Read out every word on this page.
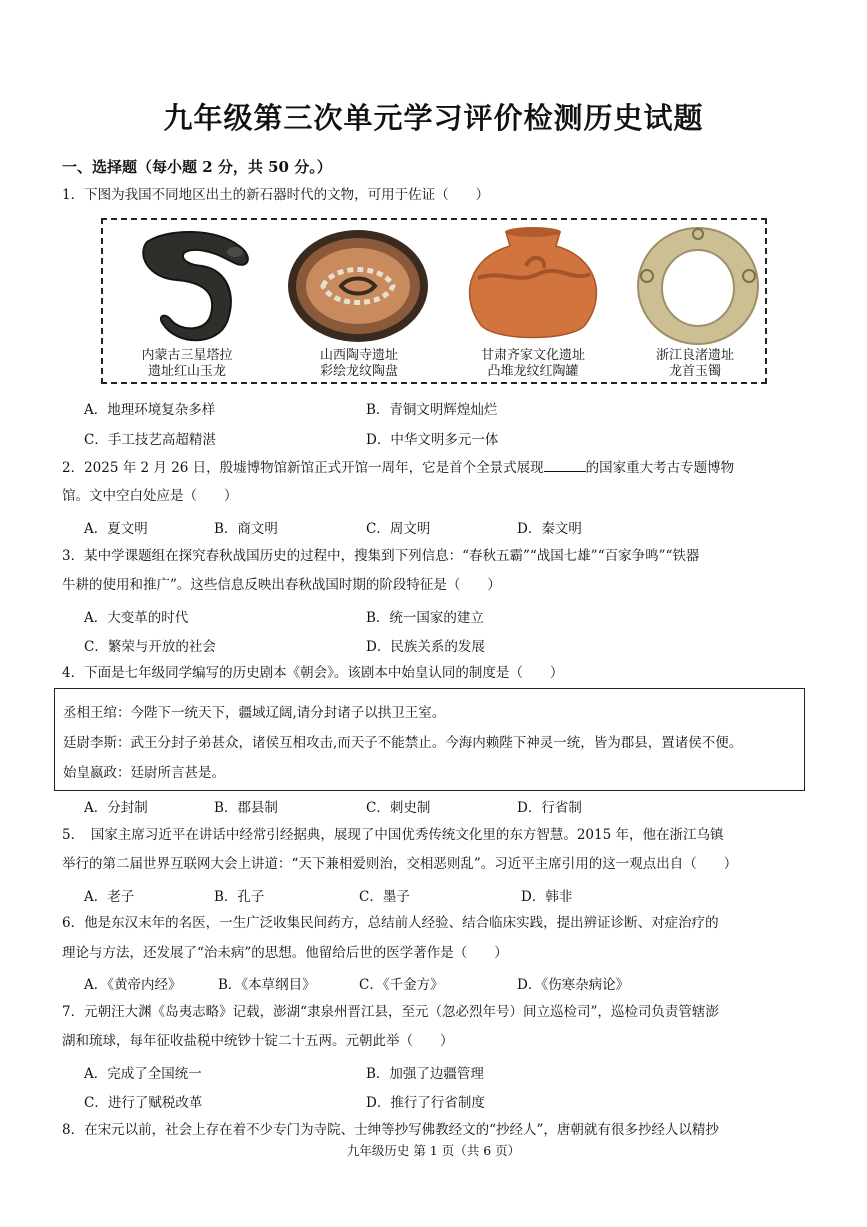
九年级第三次单元学习评价检测历史试题
一、选择题（每小题 2 分，共 50 分。）
1．下图为我国不同地区出土的新石器时代的文物，可用于佐证（　　）
内蒙古三星塔拉
遗址红山玉龙
山西陶寺遗址
彩绘龙纹陶盘
甘肃齐家文化遗址
凸堆龙纹红陶罐
浙江良渚遗址
龙首玉镯
A．地理环境复杂多样	B．青铜文明辉煌灿烂
C．手工技艺高超精湛	D．中华文明多元一体
2．2025 年 2 月 26 日，殷墟博物馆新馆正式开馆一周年，它是首个全景式展现	的国家重大考古专题博物
馆。文中空白处应是（　　）
A．夏文明	B．商文明	C．周文明	D．秦文明
3．某中学课题组在探究春秋战国历史的过程中，搜集到下列信息：“春秋五霸”“战国七雄”“百家争鸣”“铁器
牛耕的使用和推广”。这些信息反映出春秋战国时期的阶段特征是（　　）
A．大变革的时代	B．统一国家的建立
C．繁荣与开放的社会	D．民族关系的发展
4．下面是七年级同学编写的历史剧本《朝会》。该剧本中始皇认同的制度是（　　）
丞相王绾：今陛下一统天下，疆域辽阔,请分封诸子以拱卫王室。
廷尉李斯：武王分封子弟甚众，诸侯互相攻击,而天子不能禁止。今海内赖陛下神灵一统，皆为郡县，置诸侯不便。
始皇嬴政：廷尉所言甚是。
A．分封制	B．郡县制	C．刺史制	D．行省制
5．　国家主席习近平在讲话中经常引经据典，展现了中国优秀传统文化里的东方智慧。2015 年，他在浙江乌镇
举行的第二届世界互联网大会上讲道：“天下兼相爱则治，交相恶则乱”。习近平主席引用的这一观点出自（　　）
A．老子	B．孔子	C．墨子	D．韩非
6．他是东汉末年的名医，一生广泛收集民间药方，总结前人经验、结合临床实践，提出辨证诊断、对症治疗的
理论与方法，还发展了“治未病”的思想。他留给后世的医学著作是（　　）
A．《黄帝内经》	B．《本草纲目》	C．《千金方》	D．《伤寒杂病论》
7．元朝汪大渊《岛夷志略》记载，澎湖“隶泉州晋江县，至元（忽必烈年号）间立巡检司”，巡检司负责管辖澎
湖和琉球，每年征收盐税中统钞十锭二十五两。元朝此举（　　）
A．完成了全国统一	B．加强了边疆管理
C．进行了赋税改革	D．推行了行省制度
8．在宋元以前，社会上存在着不少专门为寺院、士绅等抄写佛教经文的“抄经人”，唐朝就有很多抄经人以精抄
九年级历史 第 1 页（共 6 页）
